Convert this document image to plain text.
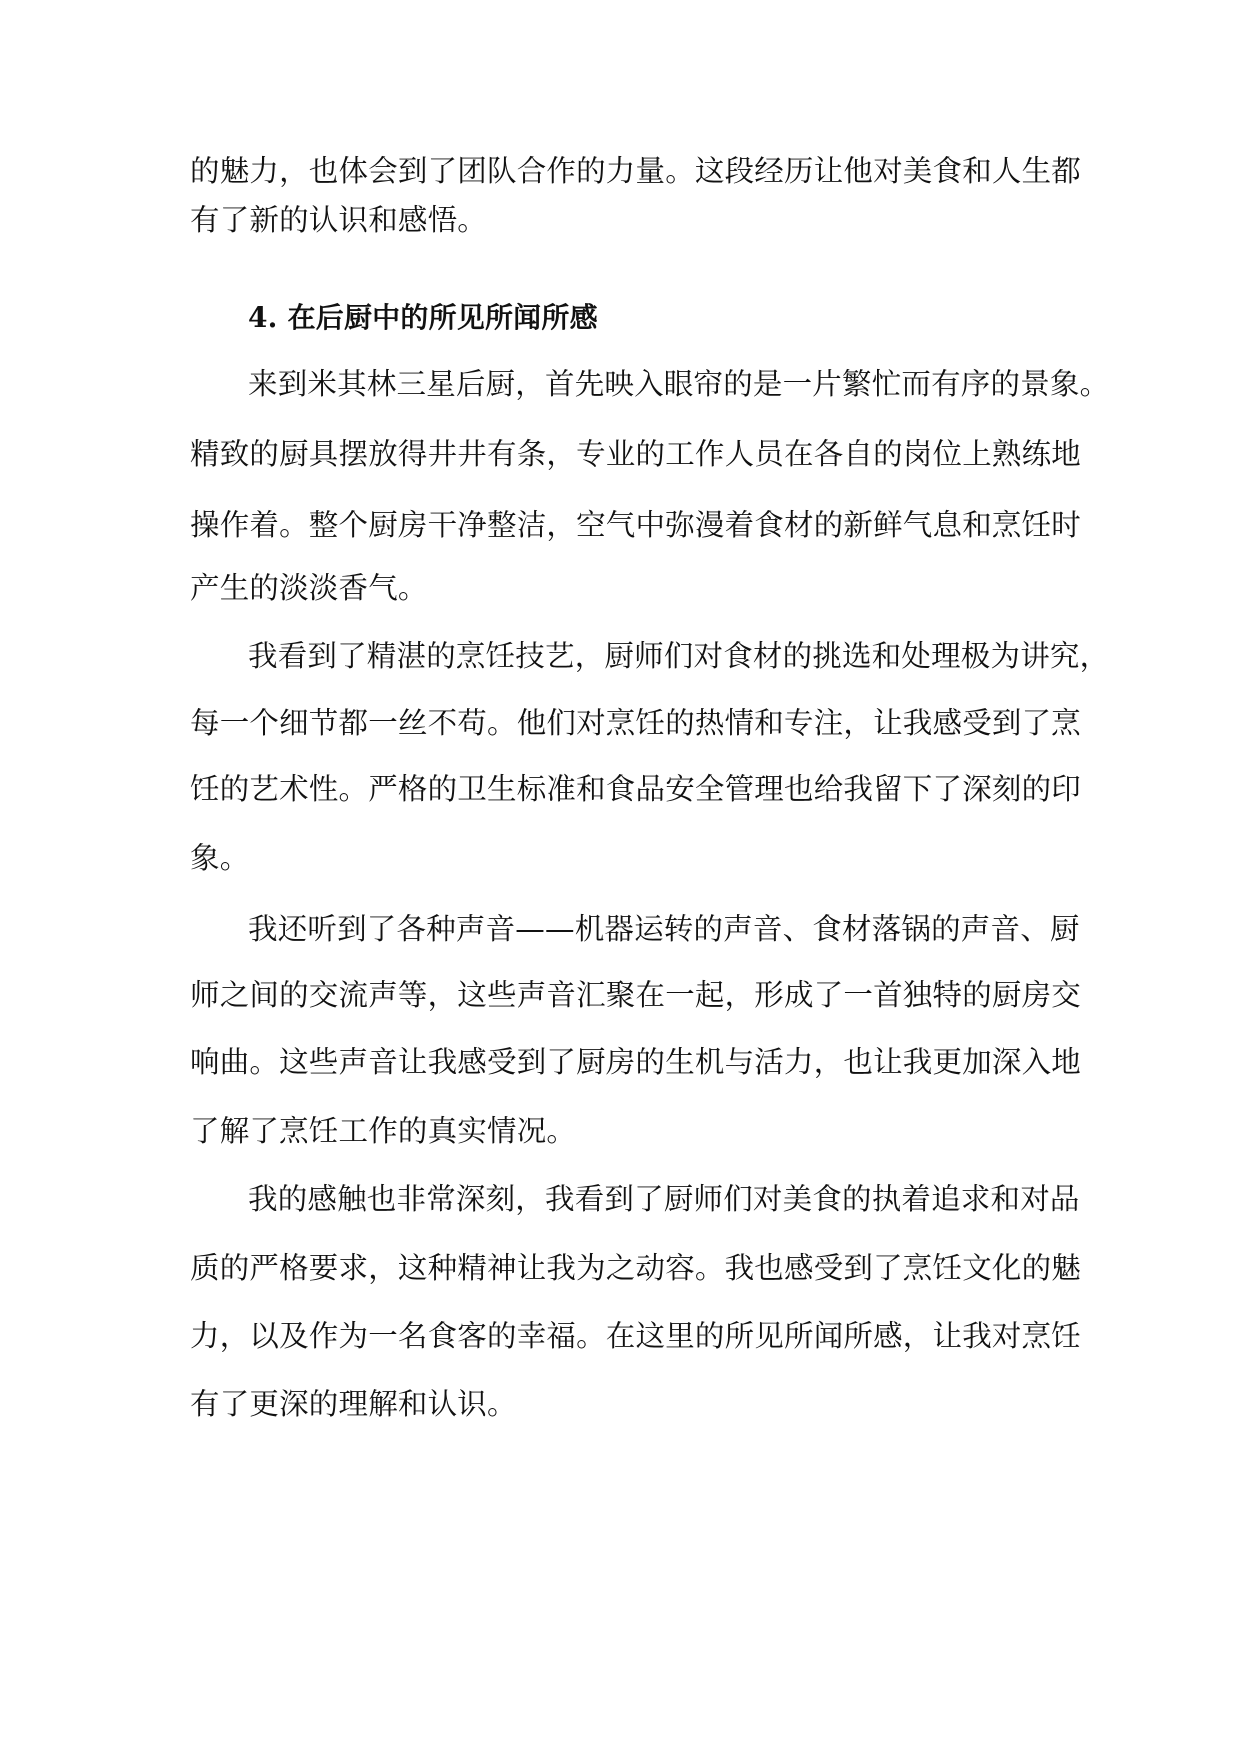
的魅力，也体会到了团队合作的力量。这段经历让他对美食和人生都
有了新的认识和感悟。
4. 在后厨中的所见所闻所感
来到米其林三星后厨，首先映入眼帘的是一片繁忙而有序的景象。
精致的厨具摆放得井井有条，专业的工作人员在各自的岗位上熟练地
操作着。整个厨房干净整洁，空气中弥漫着食材的新鲜气息和烹饪时
产生的淡淡香气。
我看到了精湛的烹饪技艺，厨师们对食材的挑选和处理极为讲究，
每一个细节都一丝不苟。他们对烹饪的热情和专注，让我感受到了烹
饪的艺术性。严格的卫生标准和食品安全管理也给我留下了深刻的印
象。
我还听到了各种声音——机器运转的声音、食材落锅的声音、厨
师之间的交流声等，这些声音汇聚在一起，形成了一首独特的厨房交
响曲。这些声音让我感受到了厨房的生机与活力，也让我更加深入地
了解了烹饪工作的真实情况。
我的感触也非常深刻，我看到了厨师们对美食的执着追求和对品
质的严格要求，这种精神让我为之动容。我也感受到了烹饪文化的魅
力，以及作为一名食客的幸福。在这里的所见所闻所感，让我对烹饪
有了更深的理解和认识。
